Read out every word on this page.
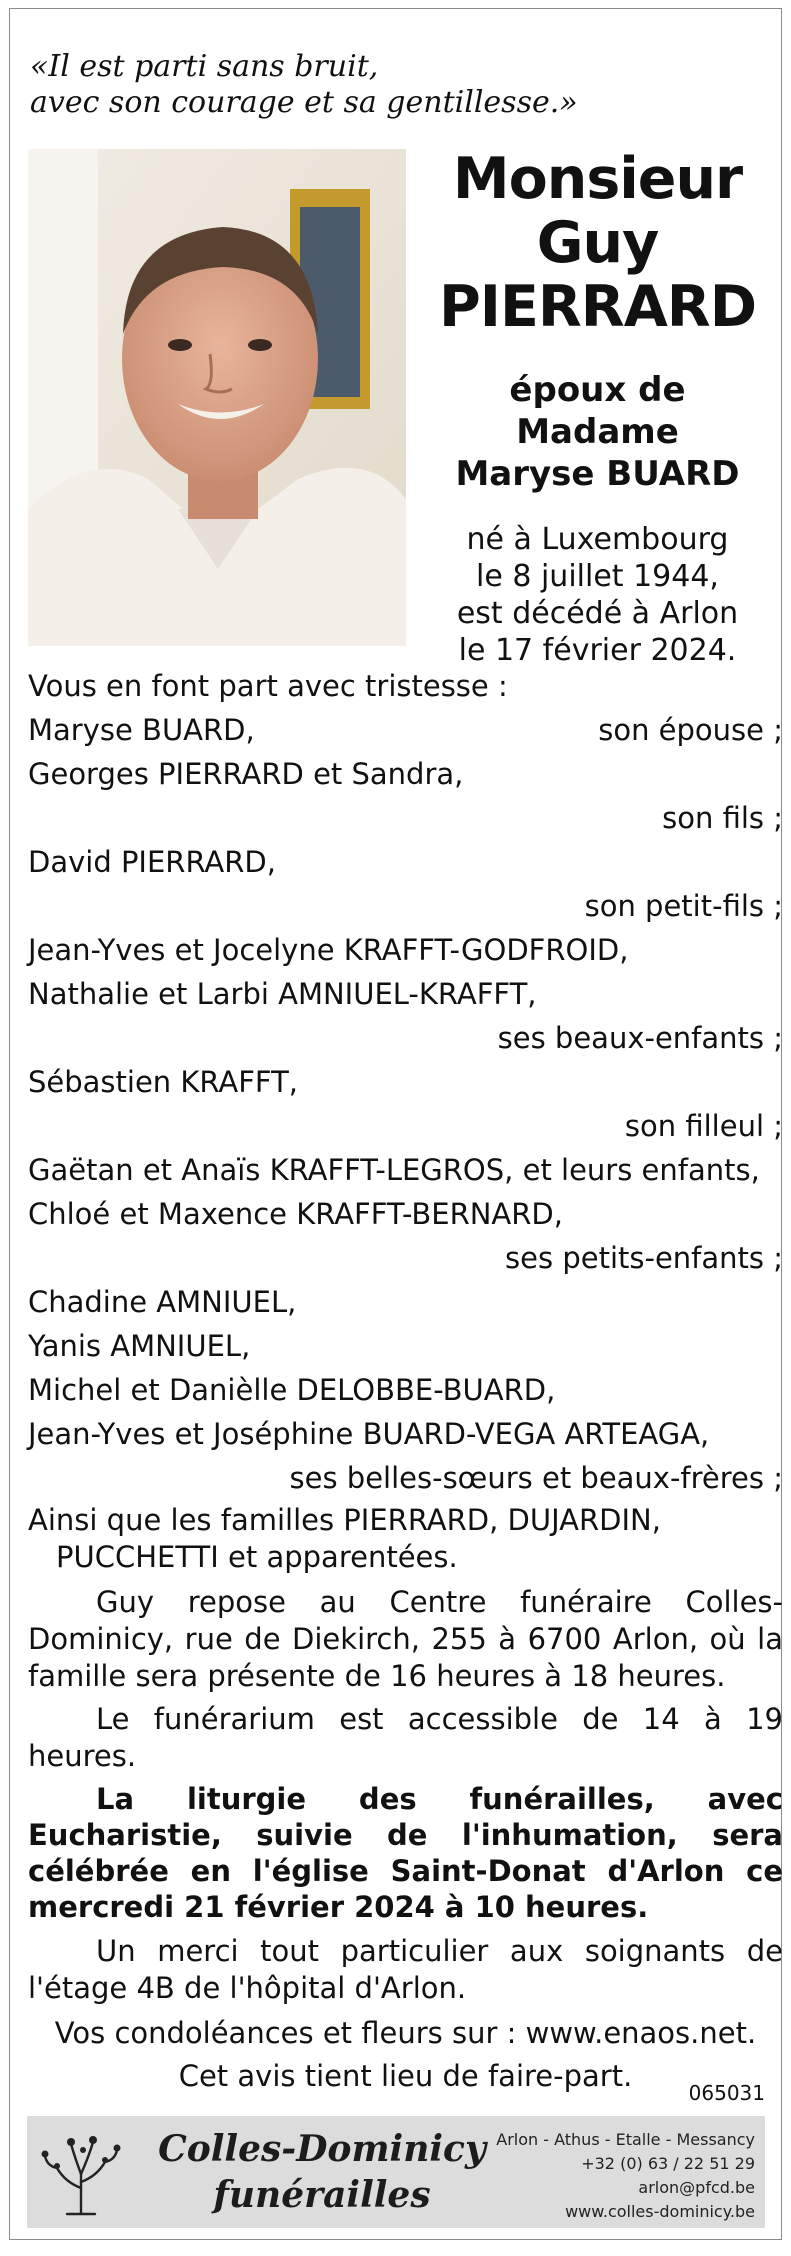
«Il est parti sans bruit,
avec son courage et sa gentillesse.»
Monsieur
Guy
PIERRARD
époux de Madame
Maryse BUARD
né à Luxembourg
le 8 juillet 1944,
est décédé à Arlon
le 17 février 2024.
Vous en font part avec tristesse :
Maryse BUARD,	son épouse ;
Georges PIERRARD et Sandra,
son fils ;
David PIERRARD,
son petit-fils ;
Jean-Yves et Jocelyne KRAFFT-GODFROID,
Nathalie et Larbi AMNIUEL-KRAFFT,
ses beaux-enfants ;
Sébastien KRAFFT,
son filleul ;
Gaëtan et Anaïs KRAFFT-LEGROS, et leurs enfants,
Chloé et Maxence KRAFFT-BERNARD,
ses petits-enfants ;
Chadine AMNIUEL,
Yanis AMNIUEL,
Michel et Danièlle DELOBBE-BUARD,
Jean-Yves et Joséphine BUARD-VEGA ARTEAGA,
ses belles-sœurs et beaux-frères ;
Ainsi que les familles PIERRARD, DUJARDIN,
PUCCHETTI et apparentées.

Guy repose au Centre funéraire Colles-Dominicy, rue de Diekirch, 255 à 6700 Arlon, où la famille sera présente de 16 heures à 18 heures.

Le funérarium est accessible de 14 à 19 heures.

La liturgie des funérailles, avec Eucharistie, suivie de l'inhumation, sera célébrée en l'église Saint-Donat d'Arlon ce mercredi 21 février 2024 à 10 heures.

Un merci tout particulier aux soignants de l'étage 4B de l'hôpital d'Arlon.

Vos condoléances et fleurs sur : www.enaos.net.

Cet avis tient lieu de faire-part.	065031
Colles-Dominicy
funérailles
Arlon - Athus - Etalle - Messancy
+32 (0) 63 / 22 51 29
arlon@pfcd.be
www.colles-dominicy.be
